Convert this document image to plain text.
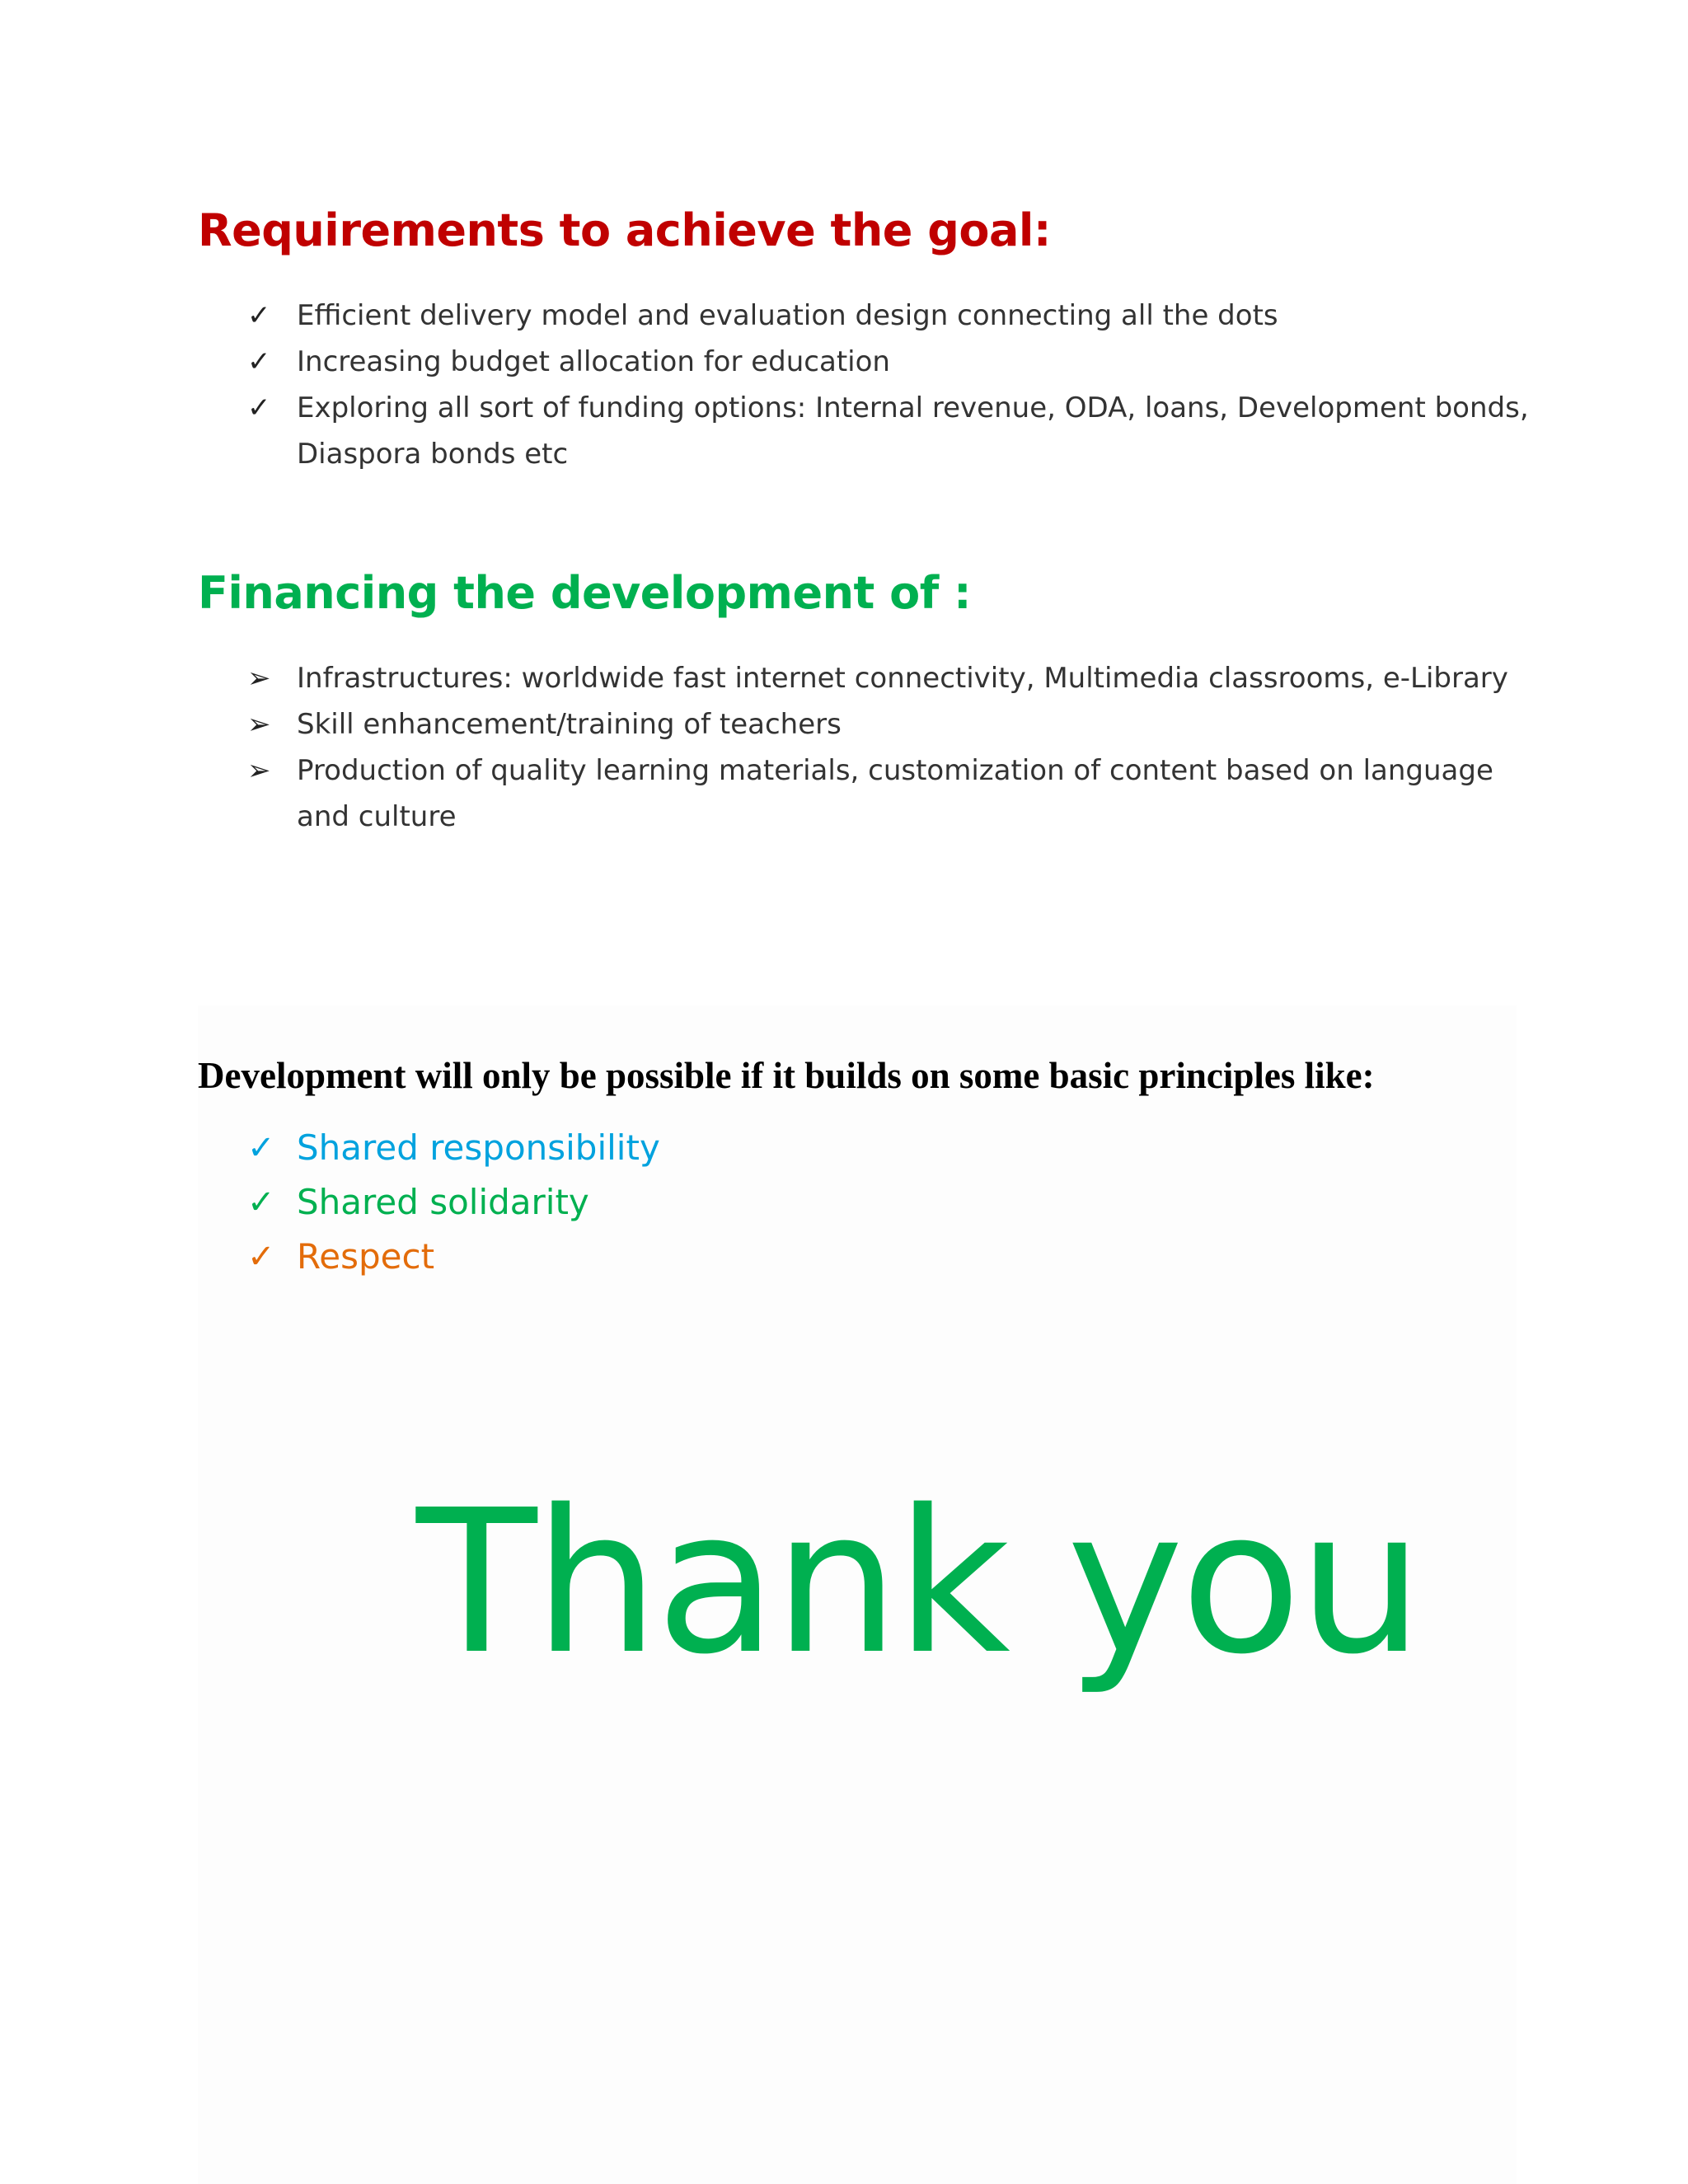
Requirements to achieve the goal:
✓ Efficient delivery model and evaluation design connecting all the dots
✓ Increasing budget allocation for education
✓ Exploring all sort of funding options: Internal revenue, ODA, loans, Development bonds, Diaspora bonds etc
Financing the development of :
➢ Infrastructures: worldwide fast internet connectivity, Multimedia classrooms, e-Library
➢ Skill enhancement/training of teachers
➢ Production of quality learning materials, customization of content based on language and culture
Development will only be possible if it builds on some basic principles like:
✓ Shared responsibility
✓ Shared solidarity
✓ Respect
Thank you
